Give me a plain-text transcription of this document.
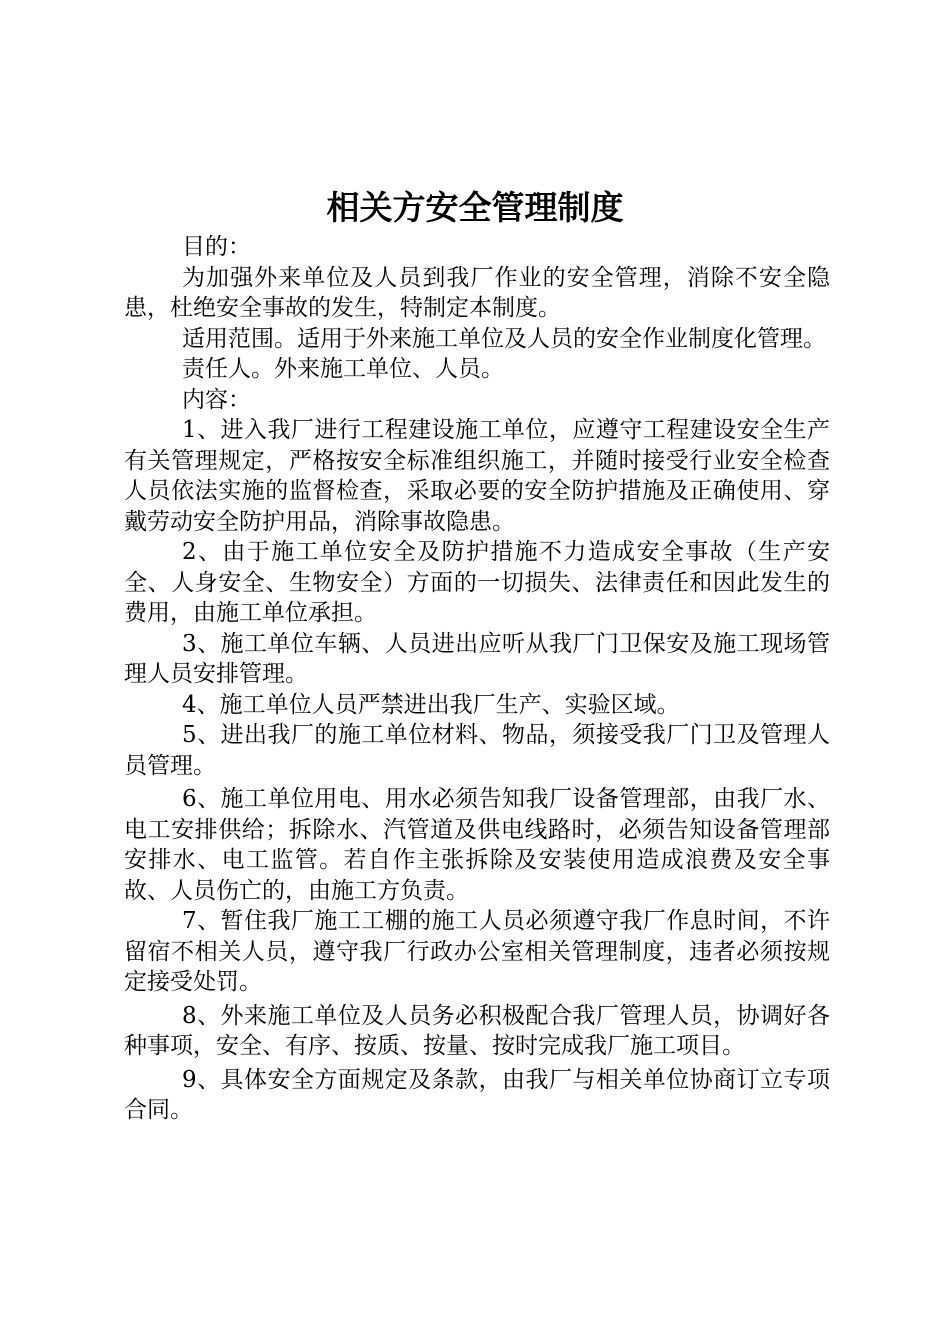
相关方安全管理制度

目的：

为加强外来单位及人员到我厂作业的安全管理，消除不安全隐患，杜绝安全事故的发生，特制定本制度。

适用范围。适用于外来施工单位及人员的安全作业制度化管理。

责任人。外来施工单位、人员。

内容：

1、进入我厂进行工程建设施工单位，应遵守工程建设安全生产有关管理规定，严格按安全标准组织施工，并随时接受行业安全检查人员依法实施的监督检查，采取必要的安全防护措施及正确使用、穿戴劳动安全防护用品，消除事故隐患。

2、由于施工单位安全及防护措施不力造成安全事故（生产安全、人身安全、生物安全）方面的一切损失、法律责任和因此发生的费用，由施工单位承担。

3、施工单位车辆、人员进出应听从我厂门卫保安及施工现场管理人员安排管理。

4、施工单位人员严禁进出我厂生产、实验区域。

5、进出我厂的施工单位材料、物品，须接受我厂门卫及管理人员管理。

6、施工单位用电、用水必须告知我厂设备管理部，由我厂水、电工安排供给；拆除水、汽管道及供电线路时，必须告知设备管理部安排水、电工监管。若自作主张拆除及安装使用造成浪费及安全事故、人员伤亡的，由施工方负责。

7、暂住我厂施工工棚的施工人员必须遵守我厂作息时间，不许留宿不相关人员，遵守我厂行政办公室相关管理制度，违者必须按规定接受处罚。

8、外来施工单位及人员务必积极配合我厂管理人员，协调好各种事项，安全、有序、按质、按量、按时完成我厂施工项目。

9、具体安全方面规定及条款，由我厂与相关单位协商订立专项合同。
